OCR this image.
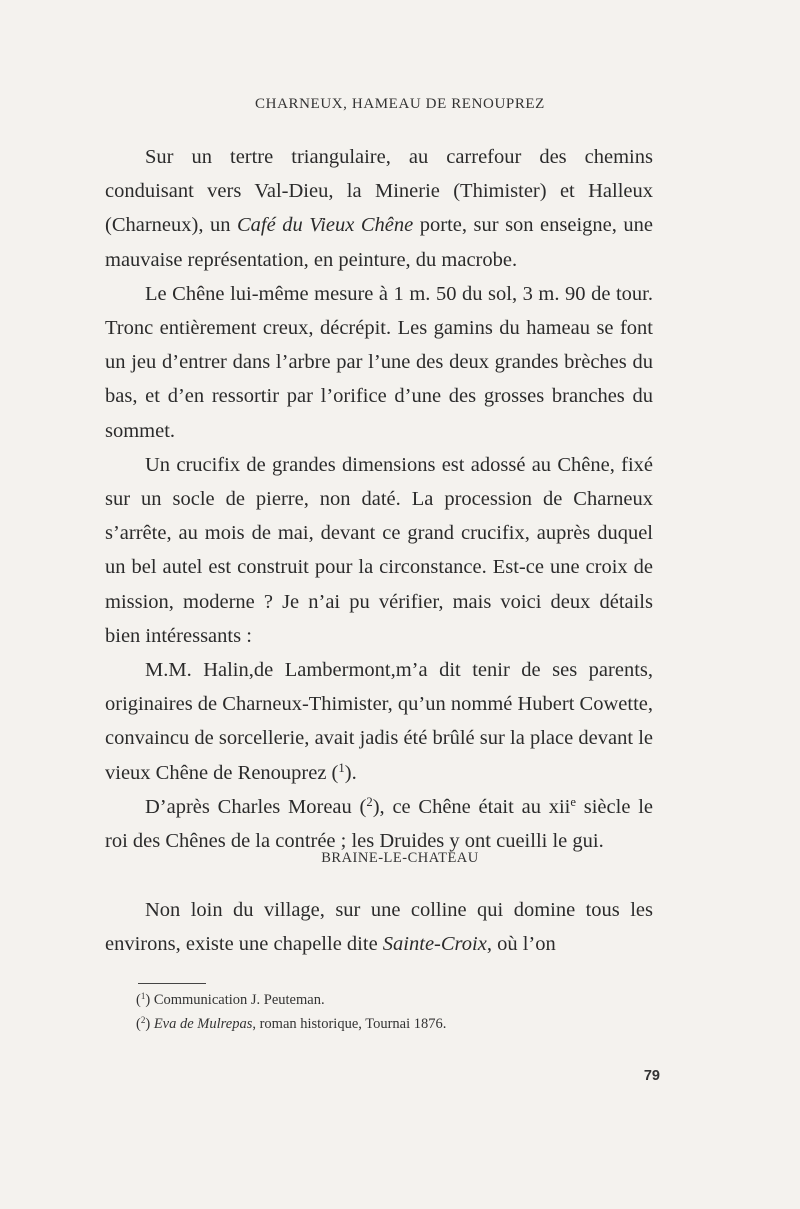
CHARNEUX, HAMEAU DE RENOUPREZ

Sur un tertre triangulaire, au carrefour des chemins conduisant vers Val-Dieu, la Minerie (Thimister) et Halleux (Charneux), un Café du Vieux Chêne porte, sur son enseigne, une mauvaise représentation, en peinture, du macrobe.

Le Chêne lui-même mesure à 1 m. 50 du sol, 3 m. 90 de tour. Tronc entièrement creux, décrépit. Les gamins du hameau se font un jeu d’entrer dans l’arbre par l’une des deux grandes brèches du bas, et d’en ressortir par l’orifice d’une des grosses branches du sommet.

Un crucifix de grandes dimensions est adossé au Chêne, fixé sur un socle de pierre, non daté. La procession de Charneux s’arrête, au mois de mai, devant ce grand crucifix, auprès duquel un bel autel est construit pour la circonstance. Est-ce une croix de mission, moderne ? Je n’ai pu vérifier, mais voici deux détails bien intéressants :

M.M. Halin,de Lambermont,m’a dit tenir de ses parents, originaires de Charneux-Thimister, qu’un nommé Hubert Cowette, convaincu de sorcellerie, avait jadis été brûlé sur la place devant le vieux Chêne de Renouprez ($^1$).

D’après Charles Moreau ($^2$), ce Chêne était au xii$^e$ siècle le roi des Chênes de la contrée ; les Druides y ont cueilli le gui.

BRAINE-LE-CHATEAU

Non loin du village, sur une colline qui domine tous les environs, existe une chapelle dite Sainte-Croix, où l’on

($^1$) Communication J. Peuteman.

($^2$) Eva de Mulrepas, roman historique, Tournai 1876.

79
